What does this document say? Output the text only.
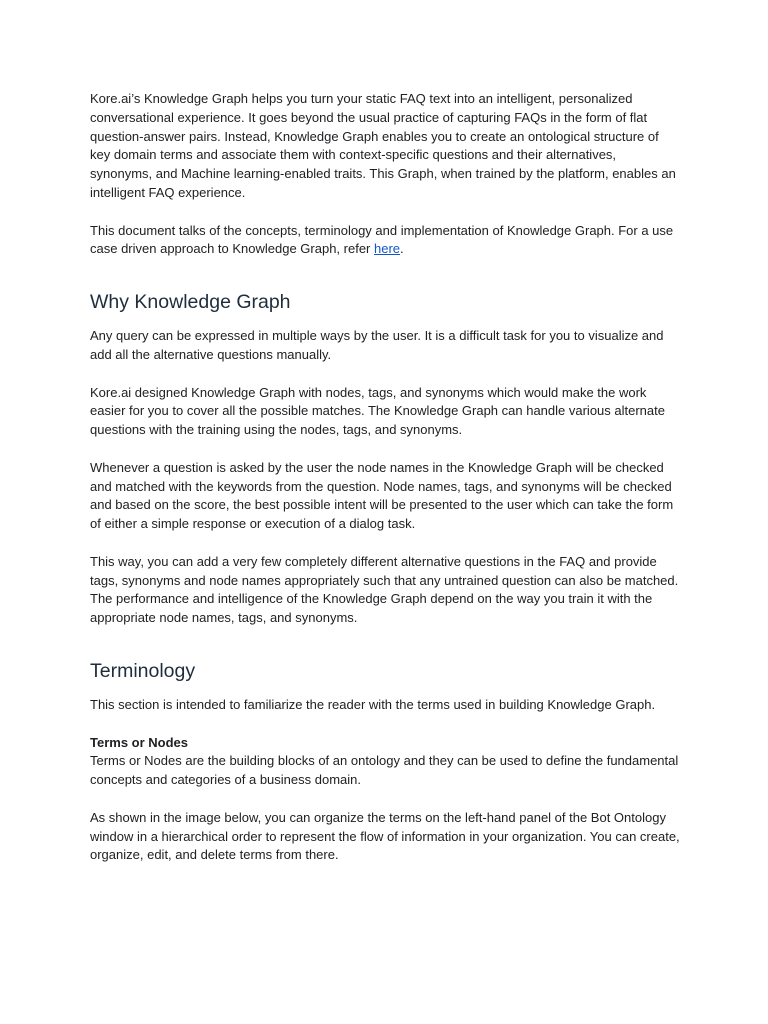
Kore.ai’s Knowledge Graph helps you turn your static FAQ text into an intelligent, personalized conversational experience. It goes beyond the usual practice of capturing FAQs in the form of flat question-answer pairs. Instead, Knowledge Graph enables you to create an ontological structure of key domain terms and associate them with context-specific questions and their alternatives, synonyms, and Machine learning-enabled traits. This Graph, when trained by the platform, enables an intelligent FAQ experience.

This document talks of the concepts, terminology and implementation of Knowledge Graph. For a use case driven approach to Knowledge Graph, refer here.

Why Knowledge Graph

Any query can be expressed in multiple ways by the user. It is a difficult task for you to visualize and add all the alternative questions manually.

Kore.ai designed Knowledge Graph with nodes, tags, and synonyms which would make the work easier for you to cover all the possible matches. The Knowledge Graph can handle various alternate questions with the training using the nodes, tags, and synonyms.

Whenever a question is asked by the user the node names in the Knowledge Graph will be checked and matched with the keywords from the question. Node names, tags, and synonyms will be checked and based on the score, the best possible intent will be presented to the user which can take the form of either a simple response or execution of a dialog task.

This way, you can add a very few completely different alternative questions in the FAQ and provide tags, synonyms and node names appropriately such that any untrained question can also be matched. The performance and intelligence of the Knowledge Graph depend on the way you train it with the appropriate node names, tags, and synonyms.

Terminology

This section is intended to familiarize the reader with the terms used in building Knowledge Graph.

Terms or Nodes

Terms or Nodes are the building blocks of an ontology and they can be used to define the fundamental concepts and categories of a business domain.

As shown in the image below, you can organize the terms on the left-hand panel of the Bot Ontology window in a hierarchical order to represent the flow of information in your organization. You can create, organize, edit, and delete terms from there.
